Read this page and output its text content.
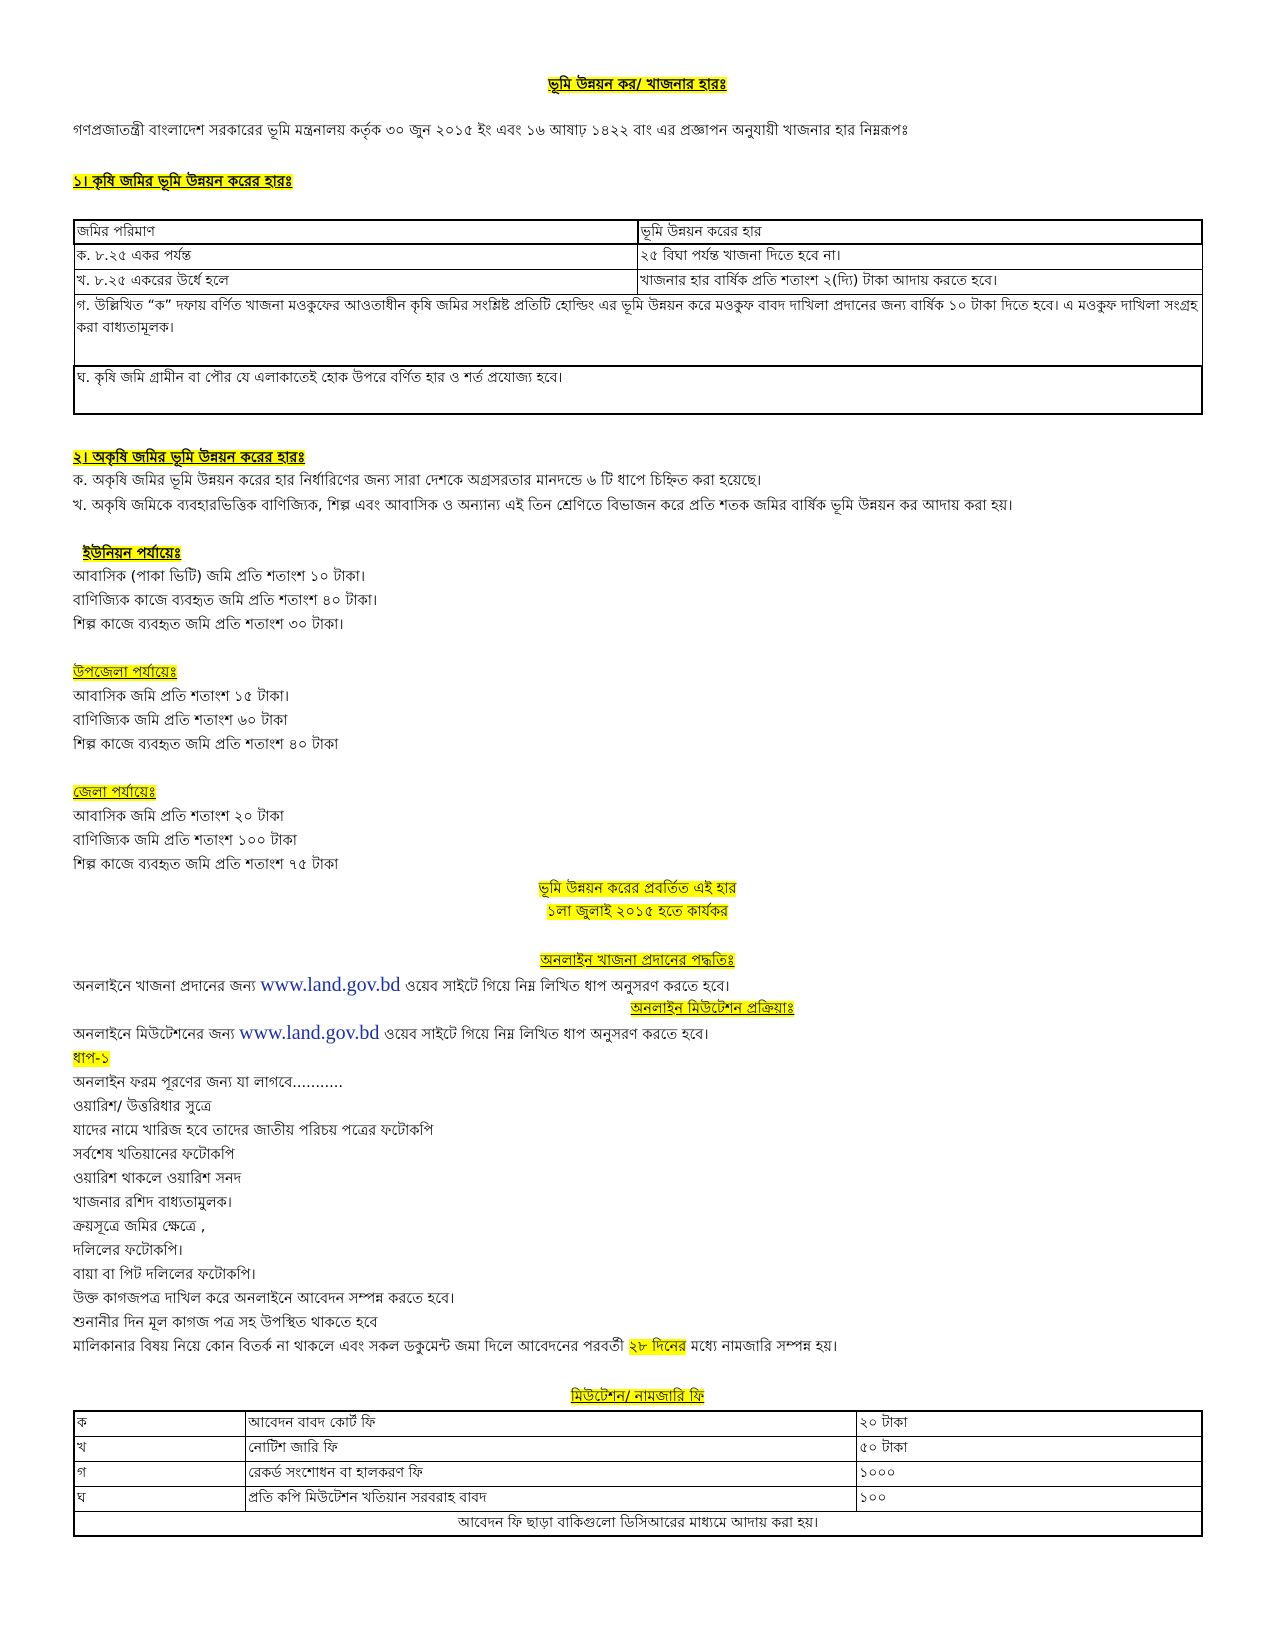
ভূমি উন্নয়ন কর/ খাজনার হারঃ
গণপ্রজাতন্ত্রী বাংলাদেশ সরকারের ভূমি মন্ত্রনালয় কর্তৃক ৩০ জুন ২০১৫ ইং এবং ১৬ আষাঢ় ১৪২২ বাং এর প্রজ্ঞাপন অনুযায়ী খাজনার হার নিম্নরূপঃ
১। কৃষি জমির ভূমি উন্নয়ন করের হারঃ
জমির পরিমাণ	ভূমি উন্নয়ন করের হার
ক. ৮.২৫ একর পর্যন্ত	২৫ বিঘা পর্যন্ত খাজনা দিতে হবে না।
খ. ৮.২৫ একরের উর্ধে হলে	খাজনার হার বার্ষিক প্রতি শতাংশ ২(দ্যি) টাকা আদায় করতে হবে।
গ. উল্লিখিত “ক” দফায় বর্ণিত খাজনা মওকুফের আওতাধীন কৃষি জমির সংশ্লিষ্ট প্রতিটি হোল্ডিং এর ভূমি উন্নয়ন করে মওকুফ বাবদ দাখিলা প্রদানের জন্য বার্ষিক ১০ টাকা দিতে হবে। এ মওকুফ দাখিলা সংগ্রহ করা বাধ্যতামূলক।	
ঘ. কৃষি জমি গ্রামীন বা পৌর যে এলাকাতেই হোক উপরে বর্ণিত হার ও শর্ত প্রযোজ্য হবে।	
২। অকৃষি জমির ভূমি উন্নয়ন করের হারঃ
ক. অকৃষি জমির ভূমি উন্নয়ন করের হার নির্ধারিণের জন্য সারা দেশকে অগ্রসরতার মানদন্ডে ৬ টি ধাপে চিহ্নিত করা হয়েছে।
খ. অকৃষি জমিকে ব্যবহারভিত্তিক বাণিজ্যিক, শিল্প এবং আবাসিক ও অন্যান্য এই তিন শ্রেণিতে বিভাজন করে প্রতি শতক জমির বার্ষিক ভূমি উন্নয়ন কর আদায় করা হয়।
ইউনিয়ন পর্যায়েঃ
আবাসিক (পাকা ভিটি) জমি প্রতি শতাংশ ১০ টাকা।
বাণিজ্যিক কাজে ব্যবহৃত জমি প্রতি শতাংশ ৪০ টাকা।
শিল্প কাজে ব্যবহৃত জমি প্রতি শতাংশ ৩০ টাকা।
উপজেলা পর্যায়েঃ
আবাসিক জমি প্রতি শতাংশ ১৫ টাকা।
বাণিজ্যিক জমি প্রতি শতাংশ ৬০ টাকা
শিল্প কাজে ব্যবহৃত জমি প্রতি শতাংশ ৪০ টাকা
জেলা পর্যায়েঃ
আবাসিক জমি প্রতি শতাংশ ২০ টাকা
বাণিজ্যিক জমি প্রতি শতাংশ ১০০ টাকা
শিল্প কাজে ব্যবহৃত জমি প্রতি শতাংশ ৭৫ টাকা
ভূমি উন্নয়ন করের প্রবর্তিত এই হার
১লা জুলাই ২০১৫ হতে কার্যকর
অনলাইন খাজনা প্রদানের পদ্ধতিঃ
অনলাইনে খাজনা প্রদানের জন্য www.land.gov.bd ওয়েব সাইটে গিয়ে নিম্ন লিখিত ধাপ অনুসরণ করতে হবে।
অনলাইন মিউটেশন প্রক্রিয়াঃ
অনলাইনে মিউটেশনের জন্য www.land.gov.bd ওয়েব সাইটে গিয়ে নিম্ন লিখিত ধাপ অনুসরণ করতে হবে।
ধাপ-১
অনলাইন ফরম পূরণের জন্য যা লাগবে...........
ওয়ারিশ/ উত্তরিধার সুত্রে
যাদের নামে খারিজ হবে তাদের জাতীয় পরিচয় পত্রের ফটোকপি
সর্বশেষ খতিয়ানের ফটোকপি
ওয়ারিশ থাকলে ওয়ারিশ সনদ
খাজনার রশিদ বাধ্যতামুলক।
ক্রয়সূত্রে জমির ক্ষেত্রে ,
দলিলের ফটোকপি।
বায়া বা পিট দলিলের ফটোকপি।
উক্ত কাগজপত্র দাখিল করে অনলাইনে আবেদন সম্পন্ন করতে হবে।
শুনানীর দিন মূল কাগজ পত্র সহ উপস্থিত থাকতে হবে
মালিকানার বিষয় নিয়ে কোন বিতর্ক না থাকলে এবং সকল ডকুমেন্ট জমা দিলে আবেদনের পরবর্তী ২৮ দিনের মধ্যে নামজারি সম্পন্ন হয়।
মিউটেশন/ নামজারি ফি
ক	আবেদন বাবদ কোর্ট ফি	২০ টাকা
খ	নোটিশ জারি ফি	৫০ টাকা
গ	রেকর্ড সংশোধন বা হালকরণ ফি	১০০০
ঘ	প্রতি কপি মিউটেশন খতিয়ান সরবরাহ বাবদ	১০০
আবেদন ফি ছাড়া বাকিগুলো ডিসিআরের মাধ্যমে আদায় করা হয়।		
